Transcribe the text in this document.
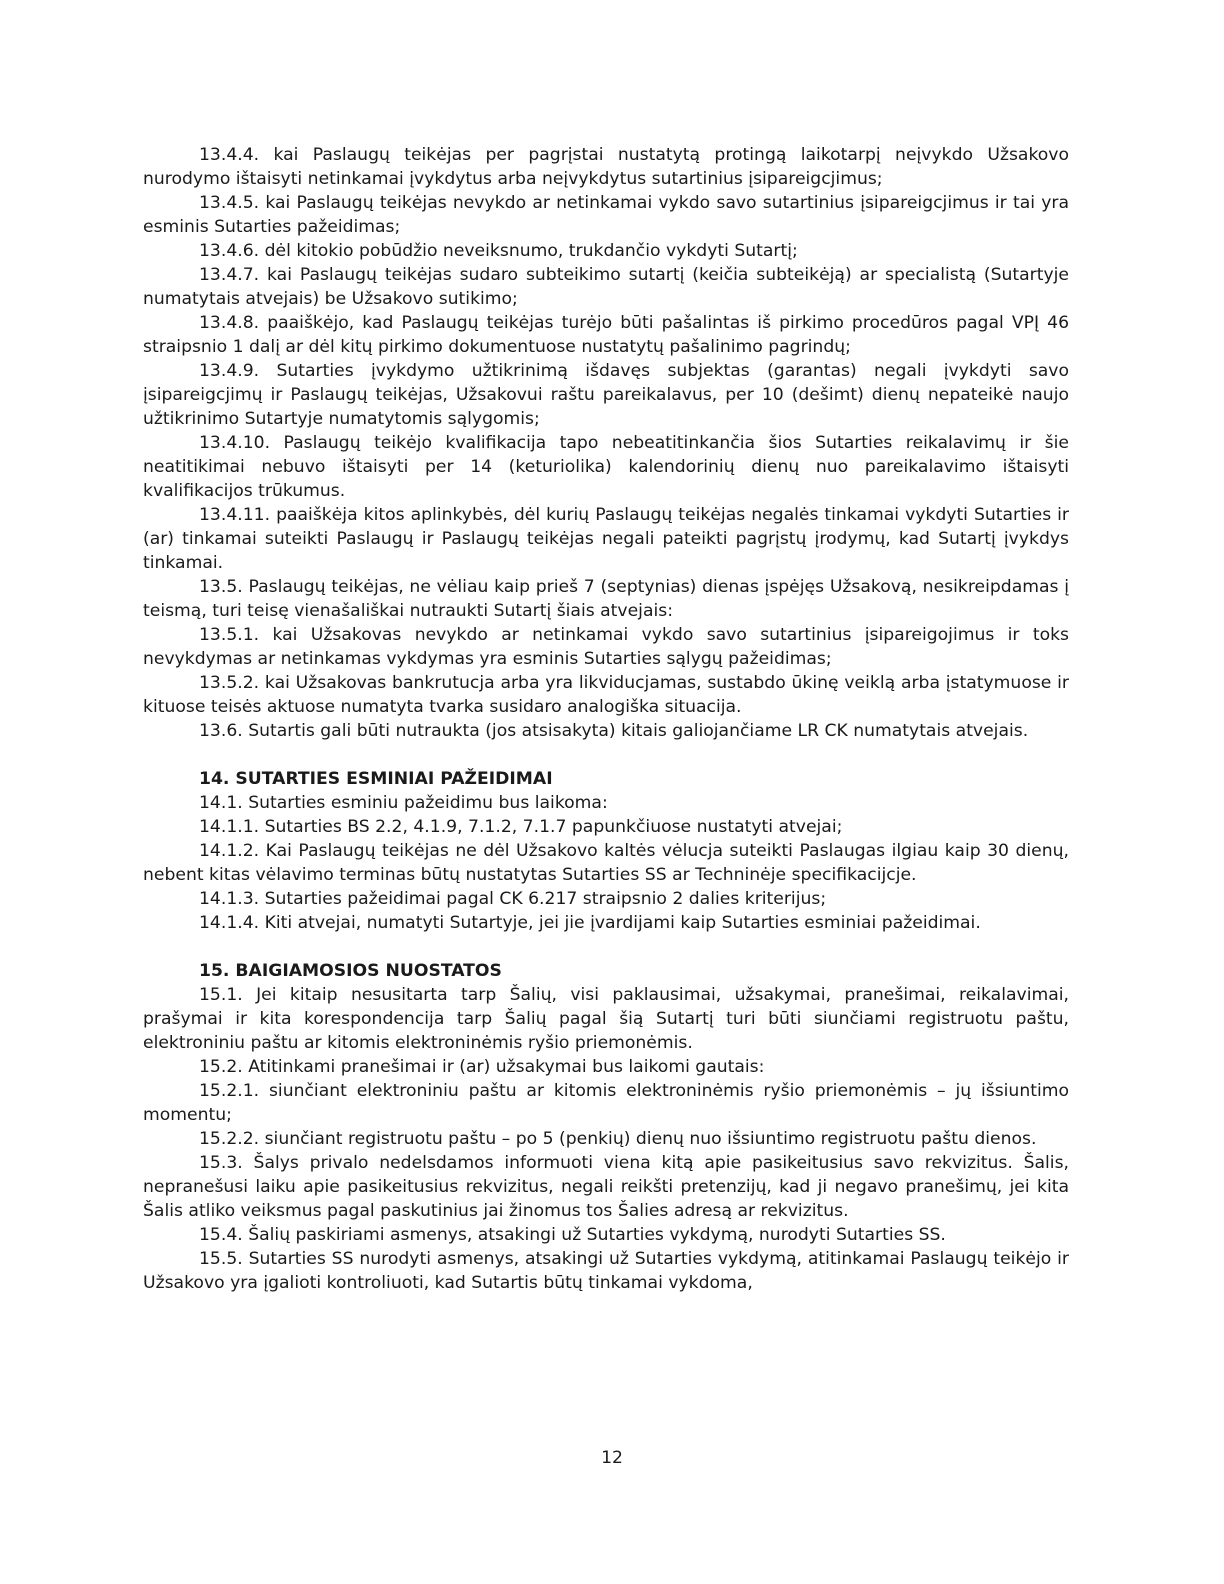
13.4.4. kai Paslaugų teikėjas per pagrįstai nustatytą protingą laikotarpį neįvykdo Užsakovo nurodymo ištaisyti netinkamai įvykdytus arba neįvykdytus sutartinius įsipareigcjimus;

13.4.5. kai Paslaugų teikėjas nevykdo ar netinkamai vykdo savo sutartinius įsipareigcjimus ir tai yra esminis Sutarties pažeidimas;

13.4.6. dėl kitokio pobūdžio neveiksnumo, trukdančio vykdyti Sutartį;

13.4.7. kai Paslaugų teikėjas sudaro subteikimo sutartį (keičia subteikėją) ar specialistą (Sutartyje numatytais atvejais) be Užsakovo sutikimo;

13.4.8. paaiškėjo, kad Paslaugų teikėjas turėjo būti pašalintas iš pirkimo procedūros pagal VPĮ 46 straipsnio 1 dalį ar dėl kitų pirkimo dokumentuose nustatytų pašalinimo pagrindų;

13.4.9. Sutarties įvykdymo užtikrinimą išdavęs subjektas (garantas) negali įvykdyti savo įsipareigcjimų ir Paslaugų teikėjas, Užsakovui raštu pareikalavus, per 10 (dešimt) dienų nepateikė naujo užtikrinimo Sutartyje numatytomis sąlygomis;

13.4.10. Paslaugų teikėjo kvalifikacija tapo nebeatitinkančia šios Sutarties reikalavimų ir šie neatitikimai nebuvo ištaisyti per 14 (keturiolika) kalendorinių dienų nuo pareikalavimo ištaisyti kvalifikacijos trūkumus.

13.4.11. paaiškėja kitos aplinkybės, dėl kurių Paslaugų teikėjas negalės tinkamai vykdyti Sutarties ir (ar) tinkamai suteikti Paslaugų ir Paslaugų teikėjas negali pateikti pagrįstų įrodymų, kad Sutartį įvykdys tinkamai.

13.5. Paslaugų teikėjas, ne vėliau kaip prieš 7 (septynias) dienas įspėjęs Užsakovą, nesikreipdamas į teismą, turi teisę vienašališkai nutraukti Sutartį šiais atvejais:

13.5.1. kai Užsakovas nevykdo ar netinkamai vykdo savo sutartinius įsipareigojimus ir toks nevykdymas ar netinkamas vykdymas yra esminis Sutarties sąlygų pažeidimas;

13.5.2. kai Užsakovas bankrutucja arba yra likviducjamas, sustabdo ūkinę veiklą arba įstatymuose ir kituose teisės aktuose numatyta tvarka susidaro analogiška situacija.

13.6. Sutartis gali būti nutraukta (jos atsisakyta) kitais galiojančiame LR CK numatytais atvejais.

14. SUTARTIES ESMINIAI PAŽEIDIMAI

14.1. Sutarties esminiu pažeidimu bus laikoma:

14.1.1. Sutarties BS 2.2, 4.1.9, 7.1.2, 7.1.7 papunkčiuose nustatyti atvejai;

14.1.2. Kai Paslaugų teikėjas ne dėl Užsakovo kaltės vėlucja suteikti Paslaugas ilgiau kaip 30 dienų, nebent kitas vėlavimo terminas būtų nustatytas Sutarties SS ar Techninėje specifikacijcje.

14.1.3. Sutarties pažeidimai pagal CK 6.217 straipsnio 2 dalies kriterijus;

14.1.4. Kiti atvejai, numatyti Sutartyje, jei jie įvardijami kaip Sutarties esminiai pažeidimai.

15. BAIGIAMOSIOS NUOSTATOS

15.1. Jei kitaip nesusitarta tarp Šalių, visi paklausimai, užsakymai, pranešimai, reikalavimai, prašymai ir kita korespondencija tarp Šalių pagal šią Sutartį turi būti siunčiami registruotu paštu, elektroniniu paštu ar kitomis elektroninėmis ryšio priemonėmis.

15.2. Atitinkami pranešimai ir (ar) užsakymai bus laikomi gautais:

15.2.1. siunčiant elektroniniu paštu ar kitomis elektroninėmis ryšio priemonėmis – jų išsiuntimo momentu;

15.2.2. siunčiant registruotu paštu – po 5 (penkių) dienų nuo išsiuntimo registruotu paštu dienos.

15.3. Šalys privalo nedelsdamos informuoti viena kitą apie pasikeitusius savo rekvizitus. Šalis, nepranešusi laiku apie pasikeitusius rekvizitus, negali reikšti pretenzijų, kad ji negavo pranešimų, jei kita Šalis atliko veiksmus pagal paskutinius jai žinomus tos Šalies adresą ar rekvizitus.

15.4. Šalių paskiriami asmenys, atsakingi už Sutarties vykdymą, nurodyti Sutarties SS.

15.5. Sutarties SS nurodyti asmenys, atsakingi už Sutarties vykdymą, atitinkamai Paslaugų teikėjo ir Užsakovo yra įgalioti kontroliuoti, kad Sutartis būtų tinkamai vykdoma,

12
